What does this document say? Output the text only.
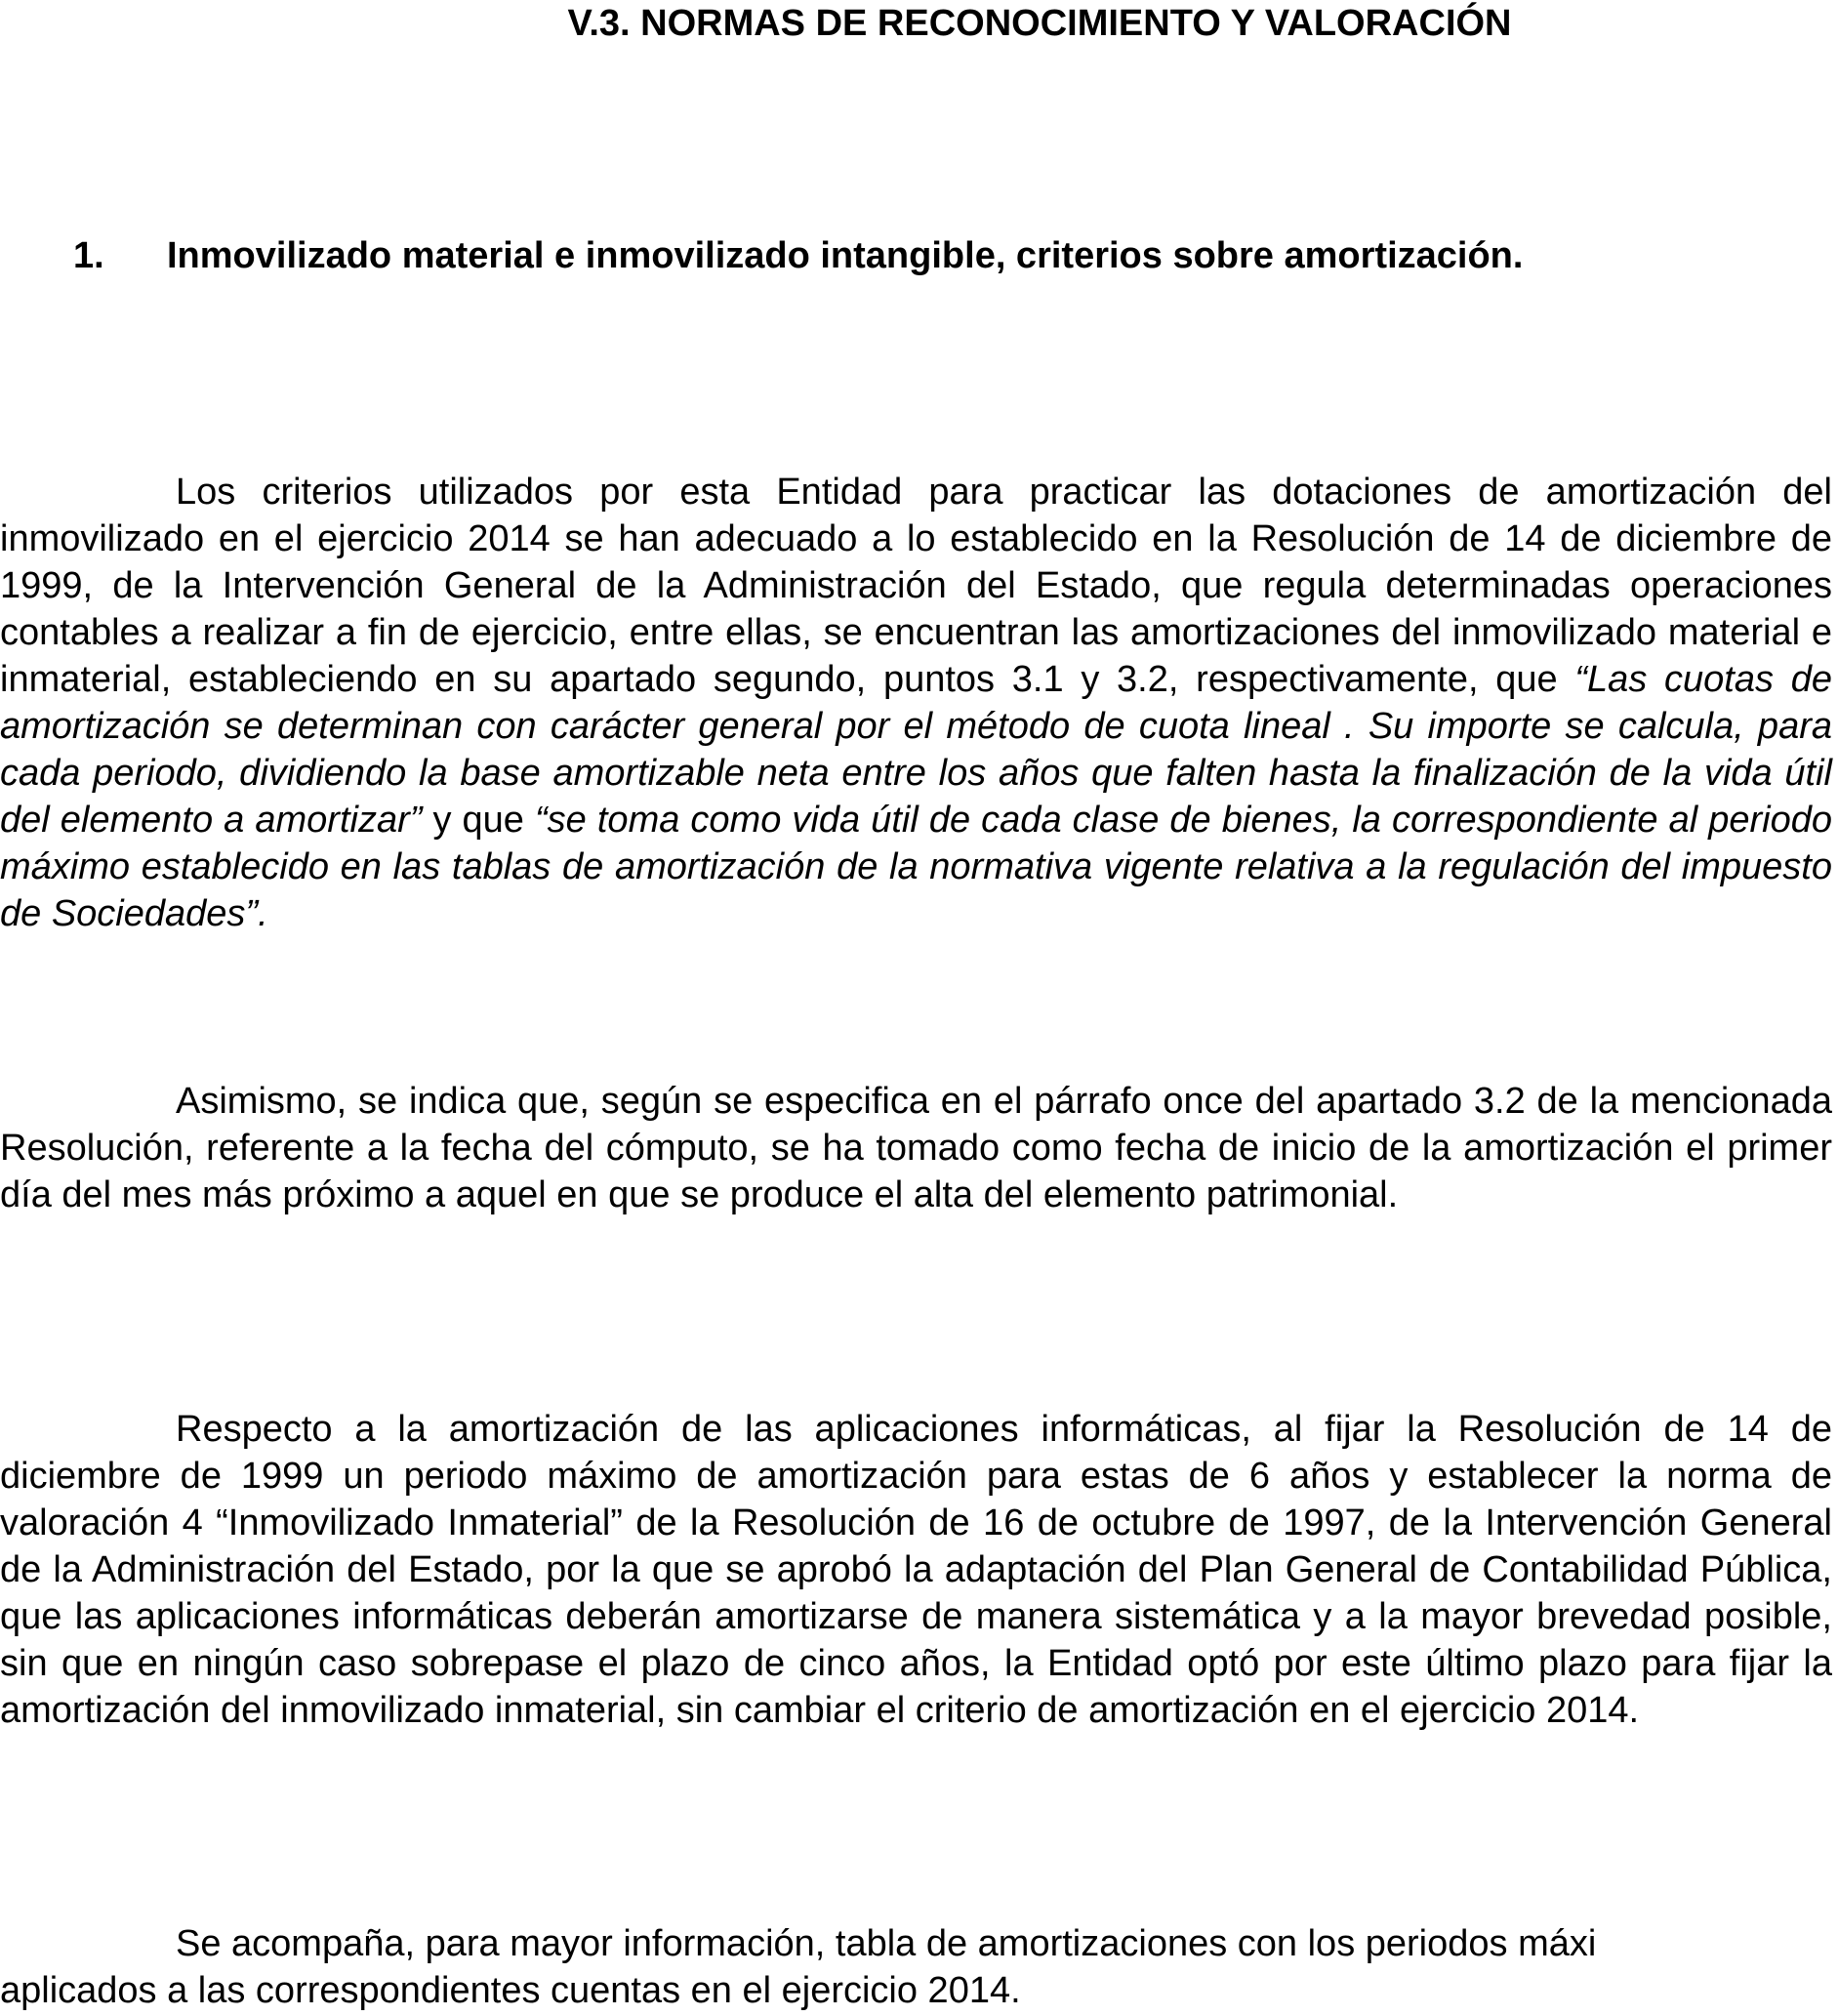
V.3. NORMAS DE RECONOCIMIENTO Y VALORACIÓN
1. Inmovilizado material e inmovilizado intangible, criterios sobre amortización.

Los criterios utilizados por esta Entidad para practicar las dotaciones de amortización del inmovilizado en el ejercicio 2014 se han adecuado a lo establecido en la Resolución de 14 de diciembre de 1999, de la Intervención General de la Administración del Estado, que regula determinadas operaciones contables a realizar a fin de ejercicio, entre ellas, se encuentran las amortizaciones del inmovilizado material e inmaterial, estableciendo en su apartado segundo, puntos 3.1 y 3.2, respectivamente, que “Las cuotas de amortización se determinan con carácter general por el método de cuota lineal . Su importe se calcula, para cada periodo, dividiendo la base amortizable neta entre los años que falten hasta la finalización de la vida útil del elemento a amortizar” y que “se toma como vida útil de cada clase de bienes, la correspondiente al periodo máximo establecido en las tablas de amortización de la normativa vigente relativa a la regulación del impuesto de Sociedades”.

Asimismo, se indica que, según se especifica en el párrafo once del apartado 3.2 de la mencionada Resolución, referente a la fecha del cómputo, se ha tomado como fecha de inicio de la amortización el primer día del mes más próximo a aquel en que se produce el alta del elemento patrimonial.

Respecto a la amortización de las aplicaciones informáticas, al fijar la Resolución de 14 de diciembre de 1999 un periodo máximo de amortización para estas de 6 años y establecer la norma de valoración 4 “Inmovilizado Inmaterial” de la Resolución de 16 de octubre de 1997, de la Intervención General de la Administración del Estado, por la que se aprobó la adaptación del Plan General de Contabilidad Pública, que las aplicaciones informáticas deberán amortizarse de manera sistemática y a la mayor brevedad posible, sin que en ningún caso sobrepase el plazo de cinco años, la Entidad optó por este último plazo para fijar la amortización del inmovilizado inmaterial, sin cambiar el criterio de amortización en el ejercicio 2014.

Se acompaña, para mayor información, tabla de amortizaciones con los periodos máxi
aplicados a las correspondientes cuentas en el ejercicio 2014.
